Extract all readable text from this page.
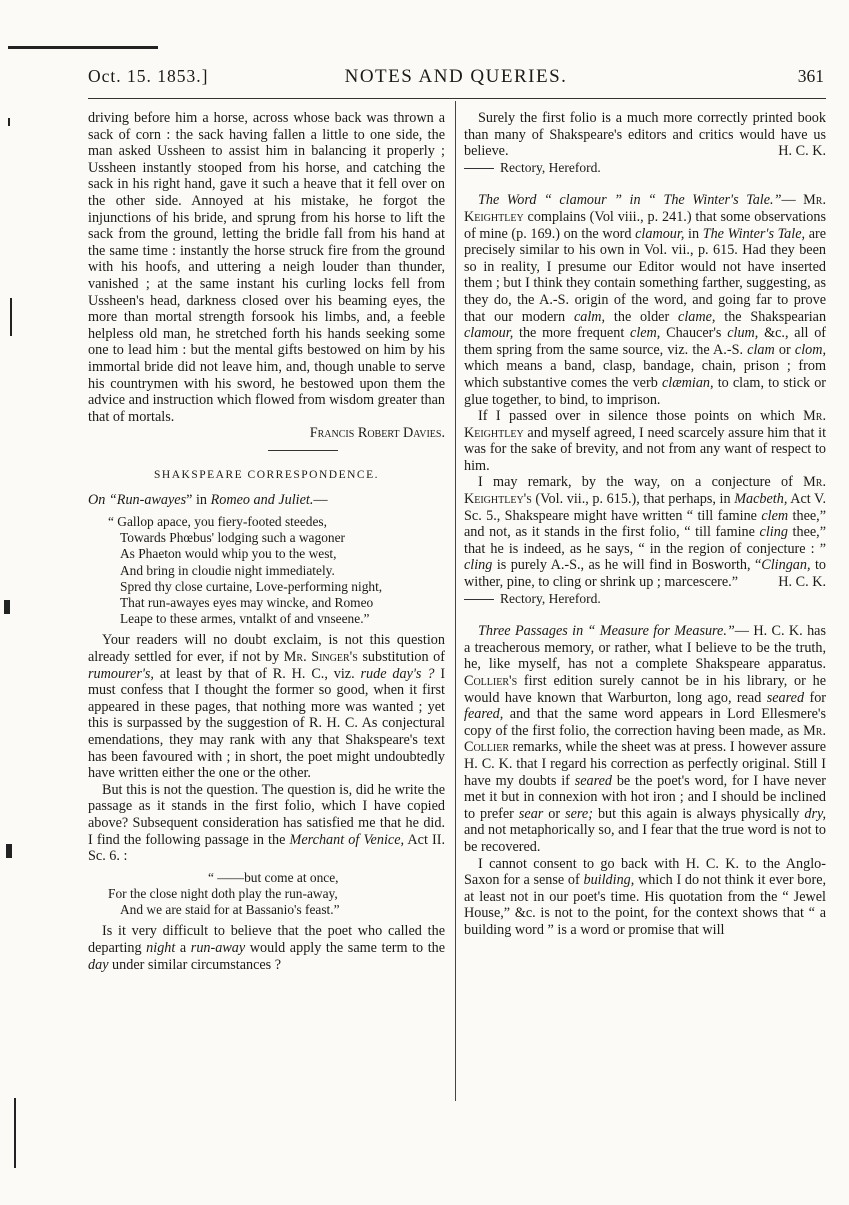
Oct. 15. 1853.]	NOTES AND QUERIES.	361

driving before him a horse, across whose back was thrown a sack of corn : the sack having fallen a little to one side, the man asked Ussheen to assist him in balancing it properly ; Ussheen instantly stooped from his horse, and catching the sack in his right hand, gave it such a heave that it fell over on the other side. Annoyed at his mistake, he forgot the injunctions of his bride, and sprung from his horse to lift the sack from the ground, letting the bridle fall from his hand at the same time : instantly the horse struck fire from the ground with his hoofs, and uttering a neigh louder than thunder, vanished ; at the same instant his curling locks fell from Ussheen's head, darkness closed over his beaming eyes, the more than mortal strength forsook his limbs, and, a feeble helpless old man, he stretched forth his hands seeking some one to lead him : but the mental gifts bestowed on him by his immortal bride did not leave him, and, though unable to serve his countrymen with his sword, he bestowed upon them the advice and instruction which flowed from wisdom greater than that of mortals.

Francis Robert Davies.

SHAKSPEARE CORRESPONDENCE.

On “Run-awayes” in Romeo and Juliet.—

“ Gallop apace, you fiery-footed steedes,
Towards Phœbus' lodging such a wagoner
As Phaeton would whip you to the west,
And bring in cloudie night immediately.
Spred thy close curtaine, Love-performing night,
That run-awayes eyes may wincke, and Romeo
Leape to these armes, vntalkt of and vnseene.”

Your readers will no doubt exclaim, is not this question already settled for ever, if not by Mr. Singer's substitution of rumourer's, at least by that of R. H. C., viz. rude day's ? I must confess that I thought the former so good, when it first appeared in these pages, that nothing more was wanted ; yet this is surpassed by the suggestion of R. H. C. As conjectural emendations, they may rank with any that Shakspeare's text has been favoured with ; in short, the poet might undoubtedly have written either the one or the other.

But this is not the question. The question is, did he write the passage as it stands in the first folio, which I have copied above? Subsequent consideration has satisfied me that he did. I find the following passage in the Merchant of Venice, Act II. Sc. 6. :

“ ——but come at once,
For the close night doth play the run-away,
And we are staid for at Bassanio's feast.”

Is it very difficult to believe that the poet who called the departing night a run-away would apply the same term to the day under similar circumstances ?

Surely the first folio is a much more correctly printed book than many of Shakspeare's editors and critics would have us believe.	H. C. K.

Rectory, Hereford.

The Word “ clamour ” in “ The Winter's Tale.”— Mr. Keightley complains (Vol viii., p. 241.) that some observations of mine (p. 169.) on the word clamour, in The Winter's Tale, are precisely similar to his own in Vol. vii., p. 615. Had they been so in reality, I presume our Editor would not have inserted them ; but I think they contain something farther, suggesting, as they do, the A.-S. origin of the word, and going far to prove that our modern calm, the older clame, the Shakspearian clamour, the more frequent clem, Chaucer's clum, &c., all of them spring from the same source, viz. the A.-S. clam or clom, which means a band, clasp, bandage, chain, prison ; from which substantive comes the verb clæmian, to clam, to stick or glue together, to bind, to imprison.

If I passed over in silence those points on which Mr. Keightley and myself agreed, I need scarcely assure him that it was for the sake of brevity, and not from any want of respect to him.

I may remark, by the way, on a conjecture of Mr. Keightley's (Vol. vii., p. 615.), that perhaps, in Macbeth, Act V. Sc. 5., Shakspeare might have written “ till famine clem thee,” and not, as it stands in the first folio, “ till famine cling thee,” that he is indeed, as he says, “ in the region of conjecture : ” cling is purely A.-S., as he will find in Bosworth, “Clingan, to wither, pine, to cling or shrink up ; marcescere.”	H. C. K.

Rectory, Hereford.

Three Passages in “ Measure for Measure.”— H. C. K. has a treacherous memory, or rather, what I believe to be the truth, he, like myself, has not a complete Shakspeare apparatus. Collier's first edition surely cannot be in his library, or he would have known that Warburton, long ago, read seared for feared, and that the same word appears in Lord Ellesmere's copy of the first folio, the correction having been made, as Mr. Collier remarks, while the sheet was at press. I however assure H. C. K. that I regard his correction as perfectly original. Still I have my doubts if seared be the poet's word, for I have never met it but in connexion with hot iron ; and I should be inclined to prefer sear or sere; but this again is always physically dry, and not metaphorically so, and I fear that the true word is not to be recovered.

I cannot consent to go back with H. C. K. to the Anglo-Saxon for a sense of building, which I do not think it ever bore, at least not in our poet's time. His quotation from the “ Jewel House,” &c. is not to the point, for the context shows that “ a building word ” is a word or promise that will
